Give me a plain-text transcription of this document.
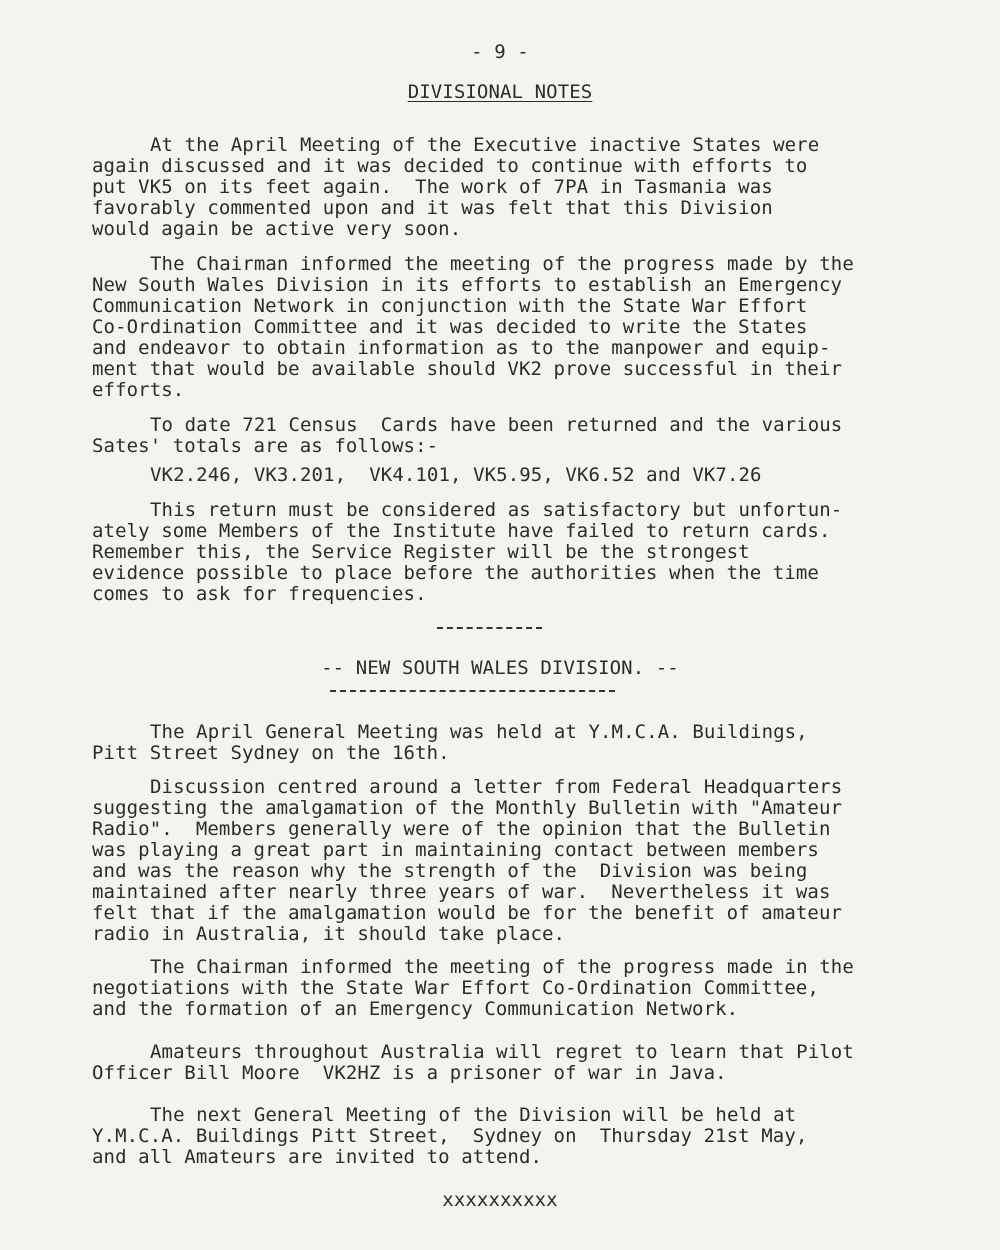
- 9 -

DIVISIONAL NOTES

At the April Meeting of the Executive inactive States were

again discussed and it was decided to continue with efforts to

put VK5 on its feet again.  The work of 7PA in Tasmania was

favorably commented upon and it was felt that this Division

would again be active very soon.

The Chairman informed the meeting of the progress made by the

New South Wales Division in its efforts to establish an Emergency

Communication Network in conjunction with the State War Effort

Co-Ordination Committee and it was decided to write the States

and endeavor to obtain information as to the manpower and equip-

ment that would be available should VK2 prove successful in their

efforts.

To date 721 Census  Cards have been returned and the various

Sates' totals are as follows:-

VK2.246, VK3.201,  VK4.101, VK5.95, VK6.52 and VK7.26

This return must be considered as satisfactory but unfortun-

ately some Members of the Institute have failed to return cards.

Remember this, the Service Register will be the strongest

evidence possible to place before the authorities when the time

comes to ask for frequencies.

-- NEW SOUTH WALES DIVISION. --

The April General Meeting was held at Y.M.C.A. Buildings,

Pitt Street Sydney on the 16th.

Discussion centred around a letter from Federal Headquarters

suggesting the amalgamation of the Monthly Bulletin with "Amateur

Radio".  Members generally were of the opinion that the Bulletin

was playing a great part in maintaining contact between members

and was the reason why the strength of the  Division was being

maintained after nearly three years of war.  Nevertheless it was

felt that if the amalgamation would be for the benefit of amateur

radio in Australia, it should take place.

The Chairman informed the meeting of the progress made in the

negotiations with the State War Effort Co-Ordination Committee,

and the formation of an Emergency Communication Network.

Amateurs throughout Australia will regret to learn that Pilot

Officer Bill Moore  VK2HZ is a prisoner of war in Java.

The next General Meeting of the Division will be held at

Y.M.C.A. Buildings Pitt Street,  Sydney on  Thursday 21st May,

and all Amateurs are invited to attend.

xxxxxxxxxx
